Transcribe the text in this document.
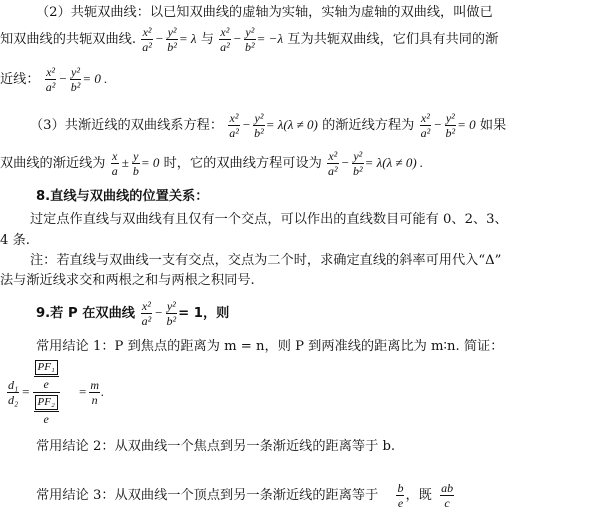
（2）共轭双曲线：以已知双曲线的虚轴为实轴，实轴为虚轴的双曲线，叫做已
知双曲线的共轭双曲线. $\frac{\text{x²}}{\text{a²}} - \frac{\text{y²}}{\text{b²}} = \lambda$ 与 $\frac{\text{x²}}{\text{a²}} - \frac{\text{y²}}{\text{b²}} = -\lambda$ 互为共轭双曲线，它们具有共同的渐
近线： $\frac{\text{x²}}{\text{a²}} - \frac{\text{y²}}{\text{b²}} = 0$ .
（3）共渐近线的双曲线系方程： $\frac{\text{x²}}{\text{a²}} - \frac{\text{y²}}{\text{b²}} = \lambda(\lambda \ne 0)$ 的渐近线方程为 $\frac{\text{x²}}{\text{a²}} - \frac{\text{y²}}{\text{b²}} = 0$ 如果
双曲线的渐近线为 $\frac{x}{a} \pm \frac{y}{b} = 0$ 时，它的双曲线方程可设为 $\frac{\text{x²}}{\text{a²}} - \frac{\text{y²}}{\text{b²}} = \lambda(\lambda \ne 0)$ .
8.直线与双曲线的位置关系：
过定点作直线与双曲线有且仅有一个交点，可以作出的直线数目可能有 0、2、3、
4 条.
注：若直线与双曲线一支有交点，交点为二个时，求确定直线的斜率可用代入“Δ”
法与渐近线求交和两根之和与两根之积同号.
9.若 P 在双曲线 $\frac{\text{x²}}{\text{a²}} - \frac{\text{y²}}{\text{b²}} = 1$，则
常用结论 1：P 到焦点的距离为 m = n，则 P 到两准线的距离比为 m∶n. 简证：
$\frac{\text{d₁}}{\text{d₂}} = \frac{\frac{\text{PF₁}}{e}}{\frac{\text{PF₂}}{e}} = \frac{m}{n}$ .
常用结论 2：从双曲线一个焦点到另一条渐近线的距离等于 b.
常用结论 3：从双曲线一个顶点到另一条渐近线的距离等于 $\frac{b}{e}$ ，既 $\frac{ab}{c}$
